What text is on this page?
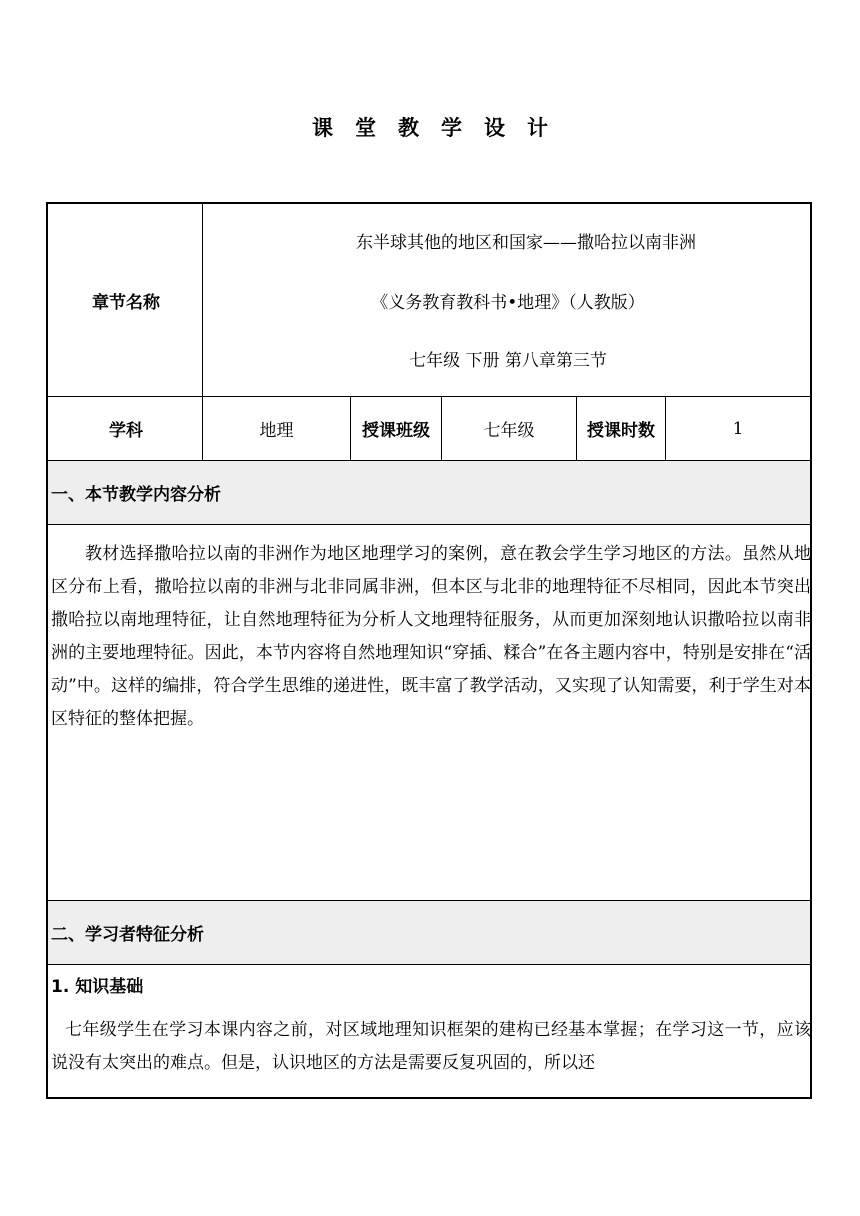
课堂教学设计
章节名称
东半球其他的地区和国家——撒哈拉以南非洲
《义务教育教科书•地理》（人教版）
七年级 下册 第八章第三节
学科	地理	授课班级	七年级	授课时数	1
一、本节教学内容分析
教材选择撒哈拉以南的非洲作为地区地理学习的案例，意在教会学生学习地区的方法。虽然从地区分布上看，撒哈拉以南的非洲与北非同属非洲，但本区与北非的地理特征不尽相同，因此本节突出撒哈拉以南地理特征，让自然地理特征为分析人文地理特征服务，从而更加深刻地认识撒哈拉以南非洲的主要地理特征。因此，本节内容将自然地理知识“穿插、糅合”在各主题内容中，特别是安排在“活动”中。这样的编排，符合学生思维的递进性，既丰富了教学活动，又实现了认知需要，利于学生对本区特征的整体把握。
二、学习者特征分析
1. 知识基础
七年级学生在学习本课内容之前，对区域地理知识框架的建构已经基本掌握；在学习这一节，应该说没有太突出的难点。但是，认识地区的方法是需要反复巩固的，所以还
